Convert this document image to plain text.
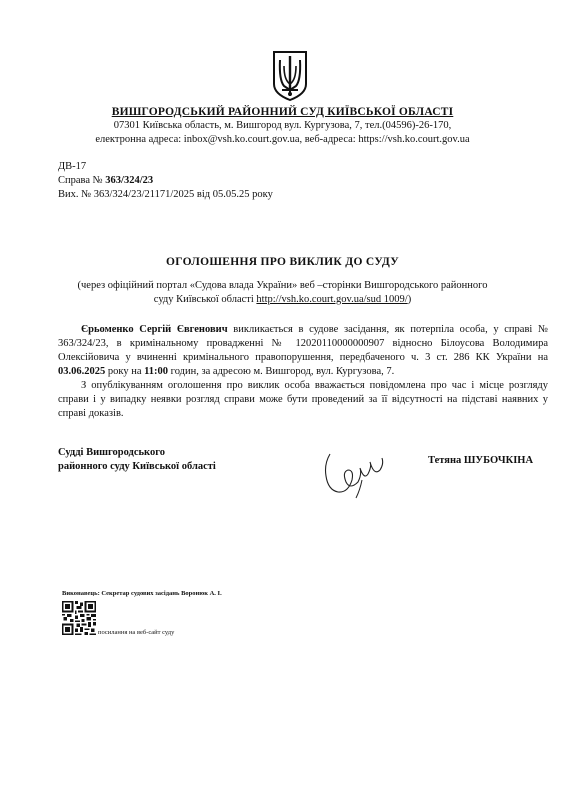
ВИШГОРОДСЬКИЙ РАЙОННИЙ СУД КИЇВСЬКОЇ ОБЛАСТІ
07301 Київська область, м. Вишгород вул. Кургузова, 7, тел.(04596)-26-170,
електронна адреса: inbox@vsh.ko.court.gov.ua, веб-адреса: https://vsh.ko.court.gov.ua
ДВ-17
Справа № 363/324/23
Вих. № 363/324/23/21171/2025 від 05.05.25 року
ОГОЛОШЕННЯ ПРО ВИКЛИК ДО СУДУ
(через офіційний портал «Судова влада України» веб –сторінки Вишгородського районного
суду Київської області http://vsh.ko.court.gov.ua/sud 1009/)

Єрьоменко Сергій Євгенович викликається в судове засідання, як потерпіла особа, у справі № 363/324/23, в кримінальному провадженні № 12020110000000907 відносно Білоусова Володимира Олексійовича у вчиненні кримінального правопорушення, передбаченого ч. 3 ст. 286 КК України на 03.06.2025 року на 11:00 годин, за адресою м. Вишгород, вул. Кургузова, 7.

З опублікуванням оголошення про виклик особа вважається повідомлена про час і місце розгляду справи і у випадку неявки розгляд справи може бути проведений за її відсутності на підставі наявних у справі доказів.

Судді Вишгородського
районного суду Київської області
Тетяна ШУБОЧКІНА
Виконавець: Секретар судових засідань Воронюк А. І.
посилання на веб-сайт суду
